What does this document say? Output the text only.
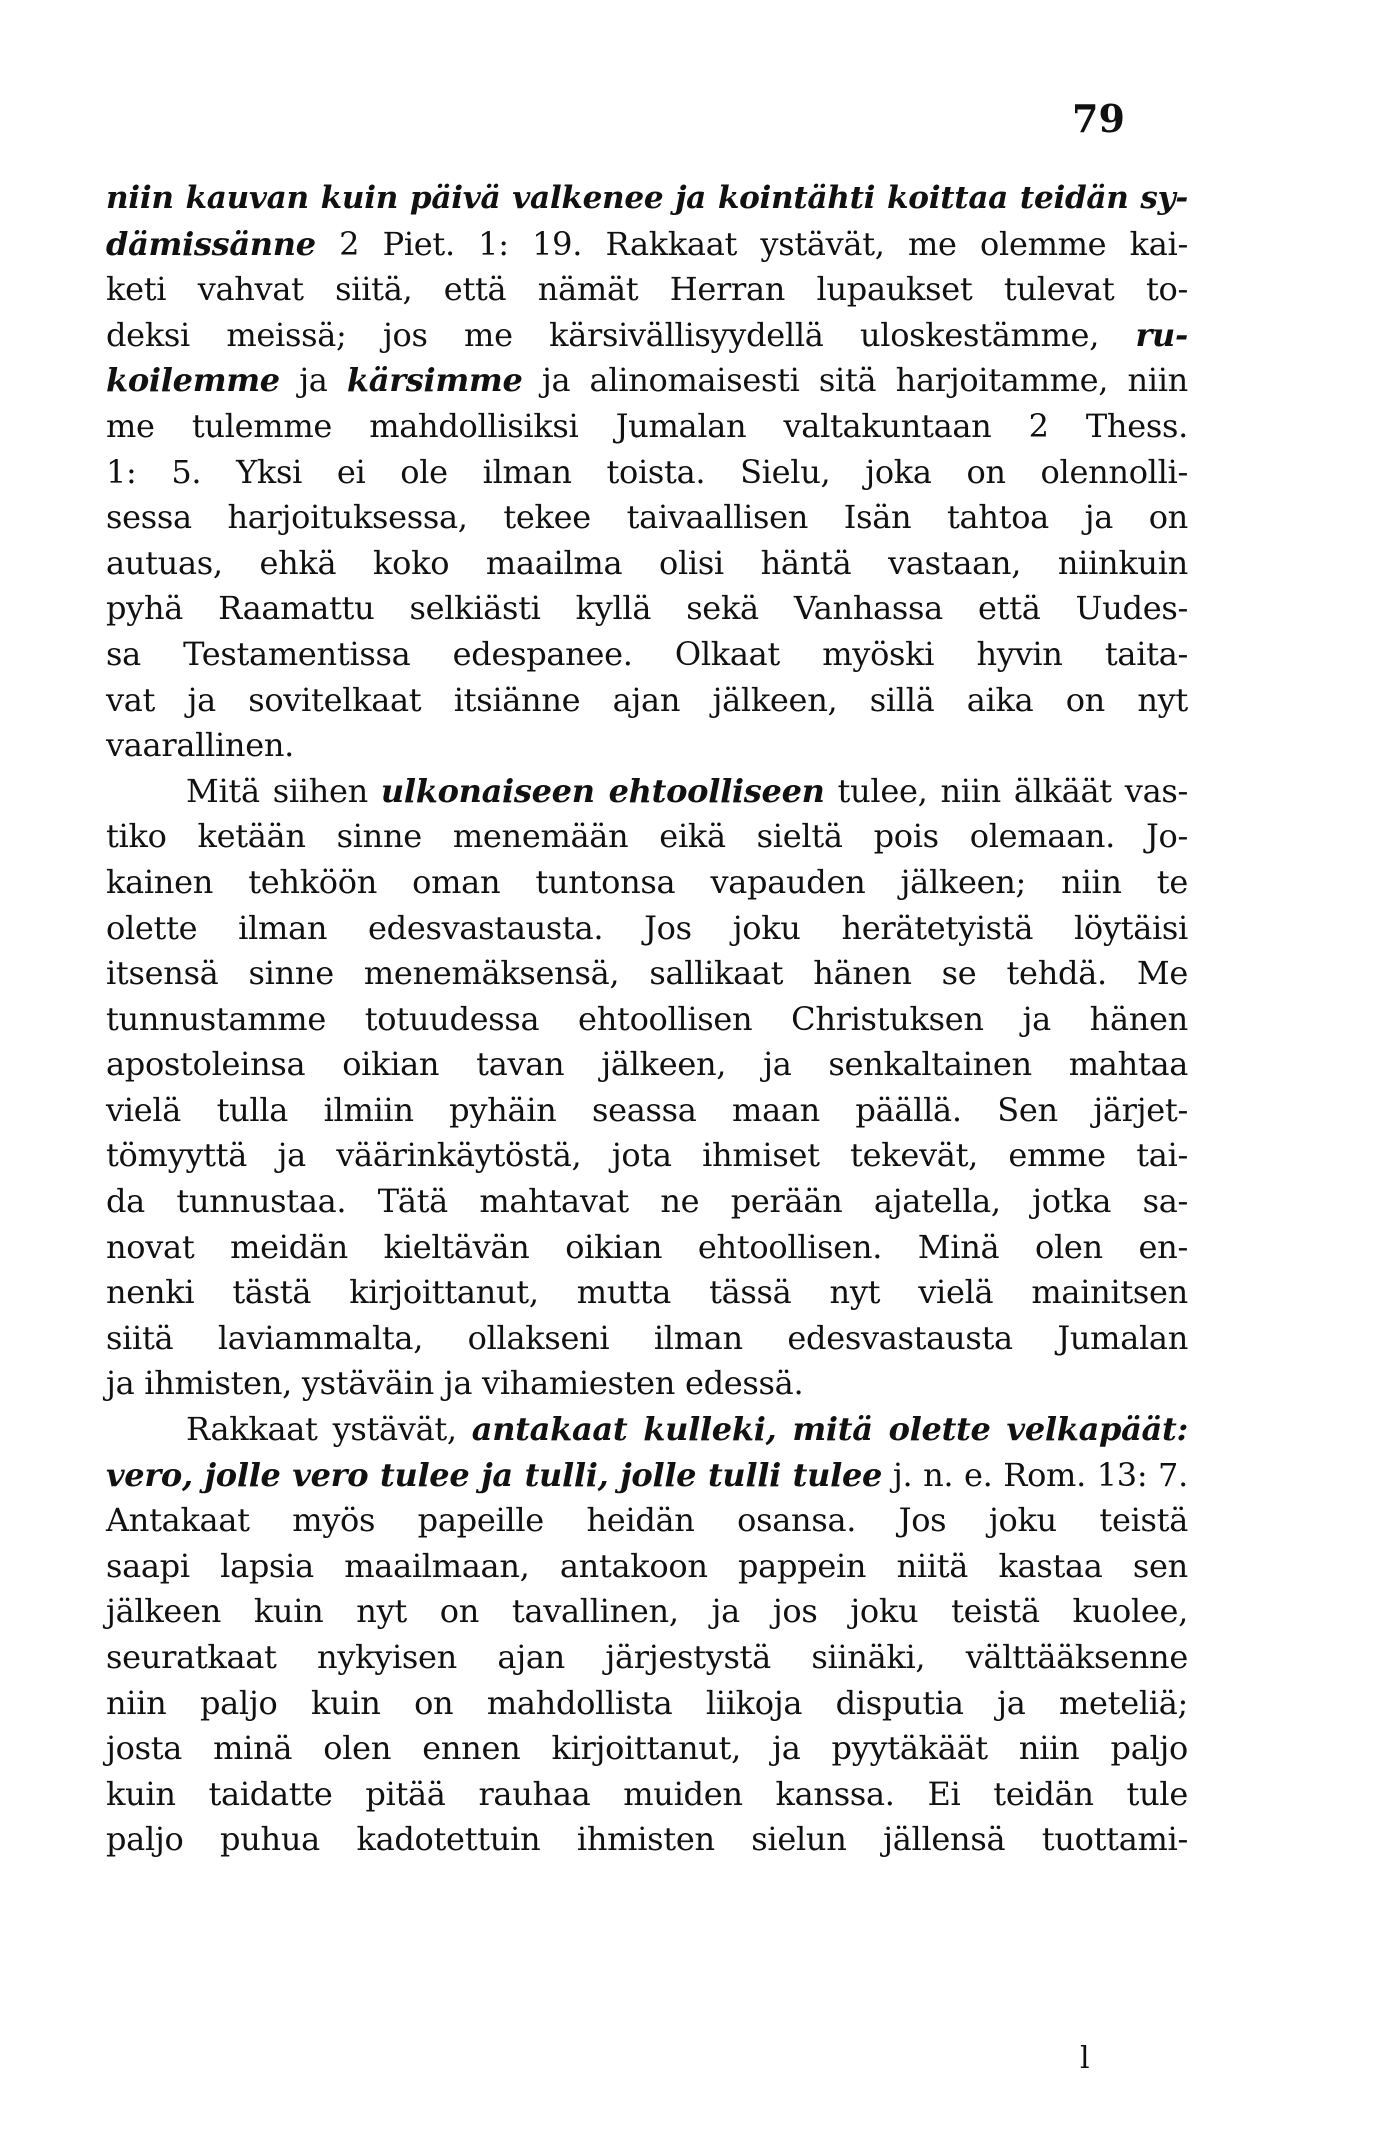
79
niin kauvan kuin päivä valkenee ja kointähti koittaa teidän sy-
dämissänne 2 Piet. 1: 19. Rakkaat ystävät, me olemme kai-
keti vahvat siitä, että nämät Herran lupaukset tulevat to-
deksi meissä; jos me kärsivällisyydellä uloskestämme, ru-
koilemme ja kärsimme ja alinomaisesti sitä harjoitamme, niin
me tulemme mahdollisiksi Jumalan valtakuntaan 2 Thess.
1: 5. Yksi ei ole ilman toista. Sielu, joka on olennolli-
sessa harjoituksessa, tekee taivaallisen Isän tahtoa ja on
autuas, ehkä koko maailma olisi häntä vastaan, niinkuin
pyhä Raamattu selkiästi kyllä sekä Vanhassa että Uudes-
sa Testamentissa edespanee. Olkaat myöski hyvin taita-
vat ja sovitelkaat itsiänne ajan jälkeen, sillä aika on nyt
vaarallinen.
Mitä siihen ulkonaiseen ehtoolliseen tulee, niin älkäät vas-
tiko ketään sinne menemään eikä sieltä pois olemaan. Jo-
kainen tehköön oman tuntonsa vapauden jälkeen; niin te
olette ilman edesvastausta. Jos joku herätetyistä löytäisi
itsensä sinne menemäksensä, sallikaat hänen se tehdä. Me
tunnustamme totuudessa ehtoollisen Christuksen ja hänen
apostoleinsa oikian tavan jälkeen, ja senkaltainen mahtaa
vielä tulla ilmiin pyhäin seassa maan päällä. Sen järjet-
tömyyttä ja väärinkäytöstä, jota ihmiset tekevät, emme tai-
da tunnustaa. Tätä mahtavat ne perään ajatella, jotka sa-
novat meidän kieltävän oikian ehtoollisen. Minä olen en-
nenki tästä kirjoittanut, mutta tässä nyt vielä mainitsen
siitä laviammalta, ollakseni ilman edesvastausta Jumalan
ja ihmisten, ystäväin ja vihamiesten edessä.
Rakkaat ystävät, antakaat kulleki, mitä olette velkapäät:
vero, jolle vero tulee ja tulli, jolle tulli tulee j. n. e. Rom. 13: 7.
Antakaat myös papeille heidän osansa. Jos joku teistä
saapi lapsia maailmaan, antakoon pappein niitä kastaa sen
jälkeen kuin nyt on tavallinen, ja jos joku teistä kuolee,
seuratkaat nykyisen ajan järjestystä siinäki, välttääksenne
niin paljo kuin on mahdollista liikoja disputia ja meteliä;
josta minä olen ennen kirjoittanut, ja pyytäkäät niin paljo
kuin taidatte pitää rauhaa muiden kanssa. Ei teidän tule
paljo puhua kadotettuin ihmisten sielun jällensä tuottami-
l
